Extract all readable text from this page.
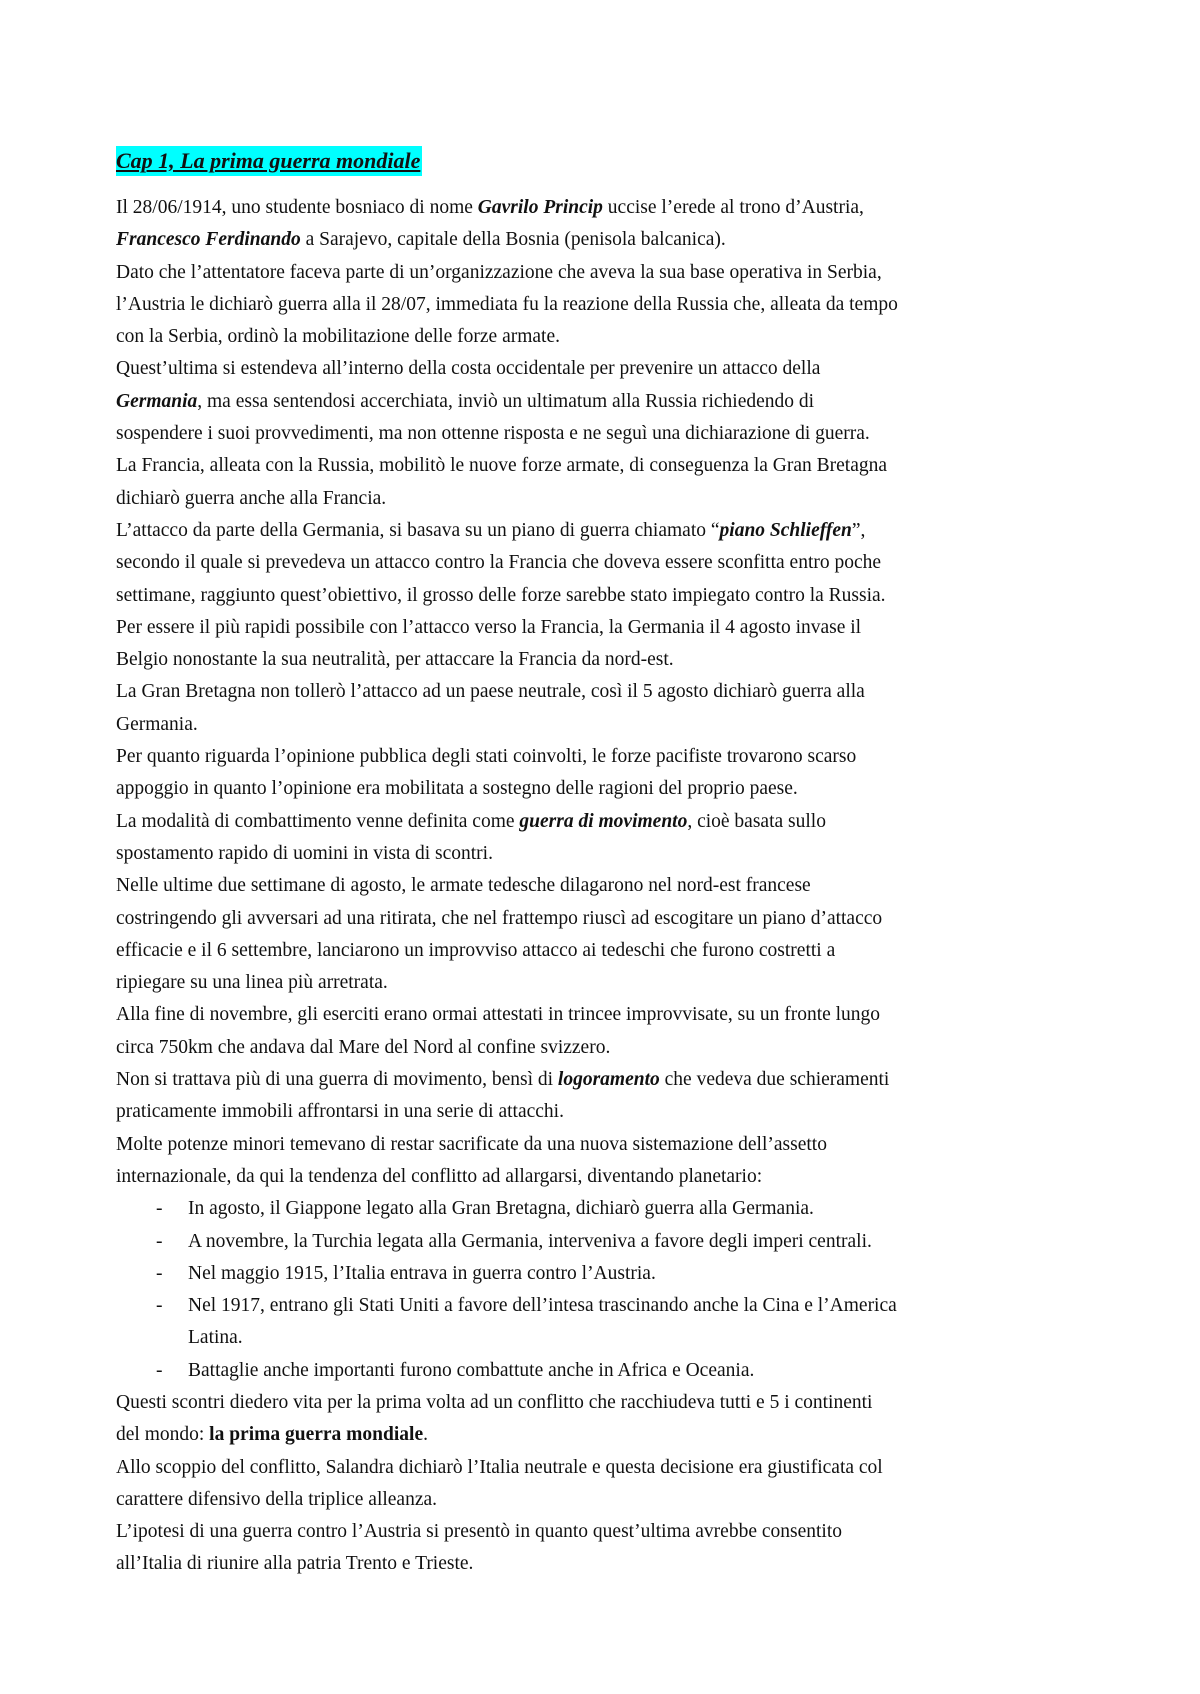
Cap 1, La prima guerra mondiale

Il 28/06/1914, uno studente bosniaco di nome Gavrilo Princip uccise l’erede al trono d’Austria,

Francesco Ferdinando a Sarajevo, capitale della Bosnia (penisola balcanica).

Dato che l’attentatore faceva parte di un’organizzazione che aveva la sua base operativa in Serbia,

l’Austria le dichiarò guerra alla il 28/07, immediata fu la reazione della Russia che, alleata da tempo

con la Serbia, ordinò la mobilitazione delle forze armate.

Quest’ultima si estendeva all’interno della costa occidentale per prevenire un attacco della

Germania, ma essa sentendosi accerchiata, inviò un ultimatum alla Russia richiedendo di

sospendere i suoi provvedimenti, ma non ottenne risposta e ne seguì una dichiarazione di guerra.

La Francia, alleata con la Russia, mobilitò le nuove forze armate, di conseguenza la Gran Bretagna

dichiarò guerra anche alla Francia.

L’attacco da parte della Germania, si basava su un piano di guerra chiamato “piano Schlieffen”,

secondo il quale si prevedeva un attacco contro la Francia che doveva essere sconfitta entro poche

settimane, raggiunto quest’obiettivo, il grosso delle forze sarebbe stato impiegato contro la Russia.

Per essere il più rapidi possibile con l’attacco verso la Francia, la Germania il 4 agosto invase il

Belgio nonostante la sua neutralità, per attaccare la Francia da nord-est.

La Gran Bretagna non tollerò l’attacco ad un paese neutrale, così il 5 agosto dichiarò guerra alla

Germania.

Per quanto riguarda l’opinione pubblica degli stati coinvolti, le forze pacifiste trovarono scarso

appoggio in quanto l’opinione era mobilitata a sostegno delle ragioni del proprio paese.

La modalità di combattimento venne definita come guerra di movimento, cioè basata sullo

spostamento rapido di uomini in vista di scontri.

Nelle ultime due settimane di agosto, le armate tedesche dilagarono nel nord-est francese

costringendo gli avversari ad una ritirata, che nel frattempo riuscì ad escogitare un piano d’attacco

efficacie e il 6 settembre, lanciarono un improvviso attacco ai tedeschi che furono costretti a

ripiegare su una linea più arretrata.

Alla fine di novembre, gli eserciti erano ormai attestati in trincee improvvisate, su un fronte lungo

circa 750km che andava dal Mare del Nord al confine svizzero.

Non si trattava più di una guerra di movimento, bensì di logoramento che vedeva due schieramenti

praticamente immobili affrontarsi in una serie di attacchi.

Molte potenze minori temevano di restar sacrificate da una nuova sistemazione dell’assetto

internazionale, da qui la tendenza del conflitto ad allargarsi, diventando planetario:

- In agosto, il Giappone legato alla Gran Bretagna, dichiarò guerra alla Germania.
- A novembre, la Turchia legata alla Germania, interveniva a favore degli imperi centrali.
- Nel maggio 1915, l’Italia entrava in guerra contro l’Austria.
- Nel 1917, entrano gli Stati Uniti a favore dell’intesa trascinando anche la Cina e l’America
Latina.
- Battaglie anche importanti furono combattute anche in Africa e Oceania.

Questi scontri diedero vita per la prima volta ad un conflitto che racchiudeva tutti e 5 i continenti

del mondo: la prima guerra mondiale.

Allo scoppio del conflitto, Salandra dichiarò l’Italia neutrale e questa decisione era giustificata col

carattere difensivo della triplice alleanza.

L’ipotesi di una guerra contro l’Austria si presentò in quanto quest’ultima avrebbe consentito

all’Italia di riunire alla patria Trento e Trieste.
